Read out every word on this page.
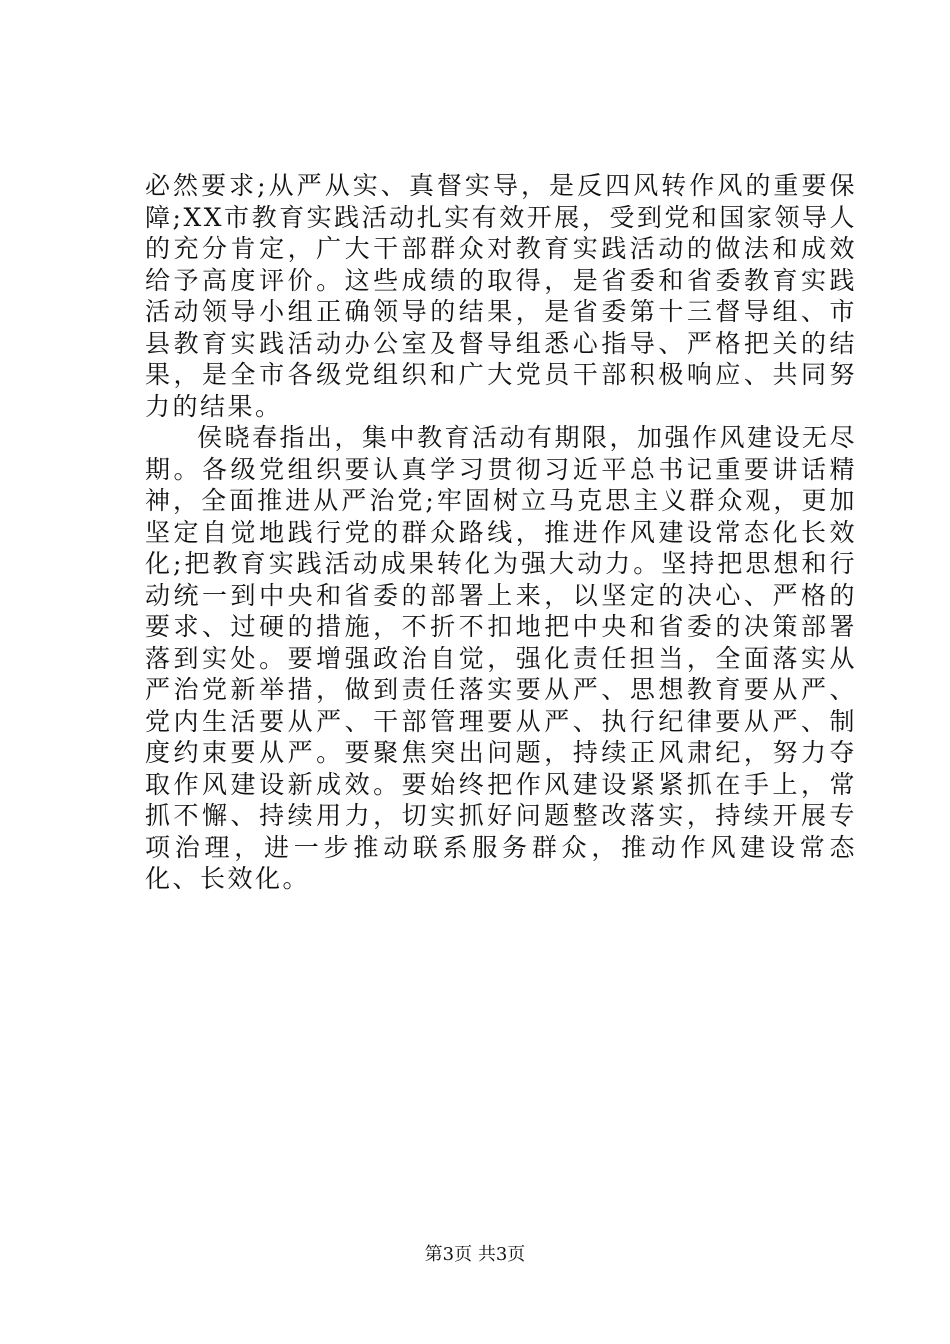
必然要求;从严从实、真督实导，是反四风转作风的重要保障;XX市教育实践活动扎实有效开展，受到党和国家领导人的充分肯定，广大干部群众对教育实践活动的做法和成效给予高度评价。这些成绩的取得，是省委和省委教育实践活动领导小组正确领导的结果，是省委第十三督导组、市县教育实践活动办公室及督导组悉心指导、严格把关的结果，是全市各级党组织和广大党员干部积极响应、共同努力的结果。

侯晓春指出，集中教育活动有期限，加强作风建设无尽期。各级党组织要认真学习贯彻习近平总书记重要讲话精神，全面推进从严治党;牢固树立马克思主义群众观，更加坚定自觉地践行党的群众路线，推进作风建设常态化长效化;把教育实践活动成果转化为强大动力。坚持把思想和行动统一到中央和省委的部署上来，以坚定的决心、严格的要求、过硬的措施，不折不扣地把中央和省委的决策部署落到实处。要增强政治自觉，强化责任担当，全面落实从严治党新举措，做到责任落实要从严、思想教育要从严、党内生活要从严、干部管理要从严、执行纪律要从严、制度约束要从严。要聚焦突出问题，持续正风肃纪，努力夺取作风建设新成效。要始终把作风建设紧紧抓在手上，常抓不懈、持续用力，切实抓好问题整改落实，持续开展专项治理，进一步推动联系服务群众，推动作风建设常态化、长效化。

第3页 共3页
